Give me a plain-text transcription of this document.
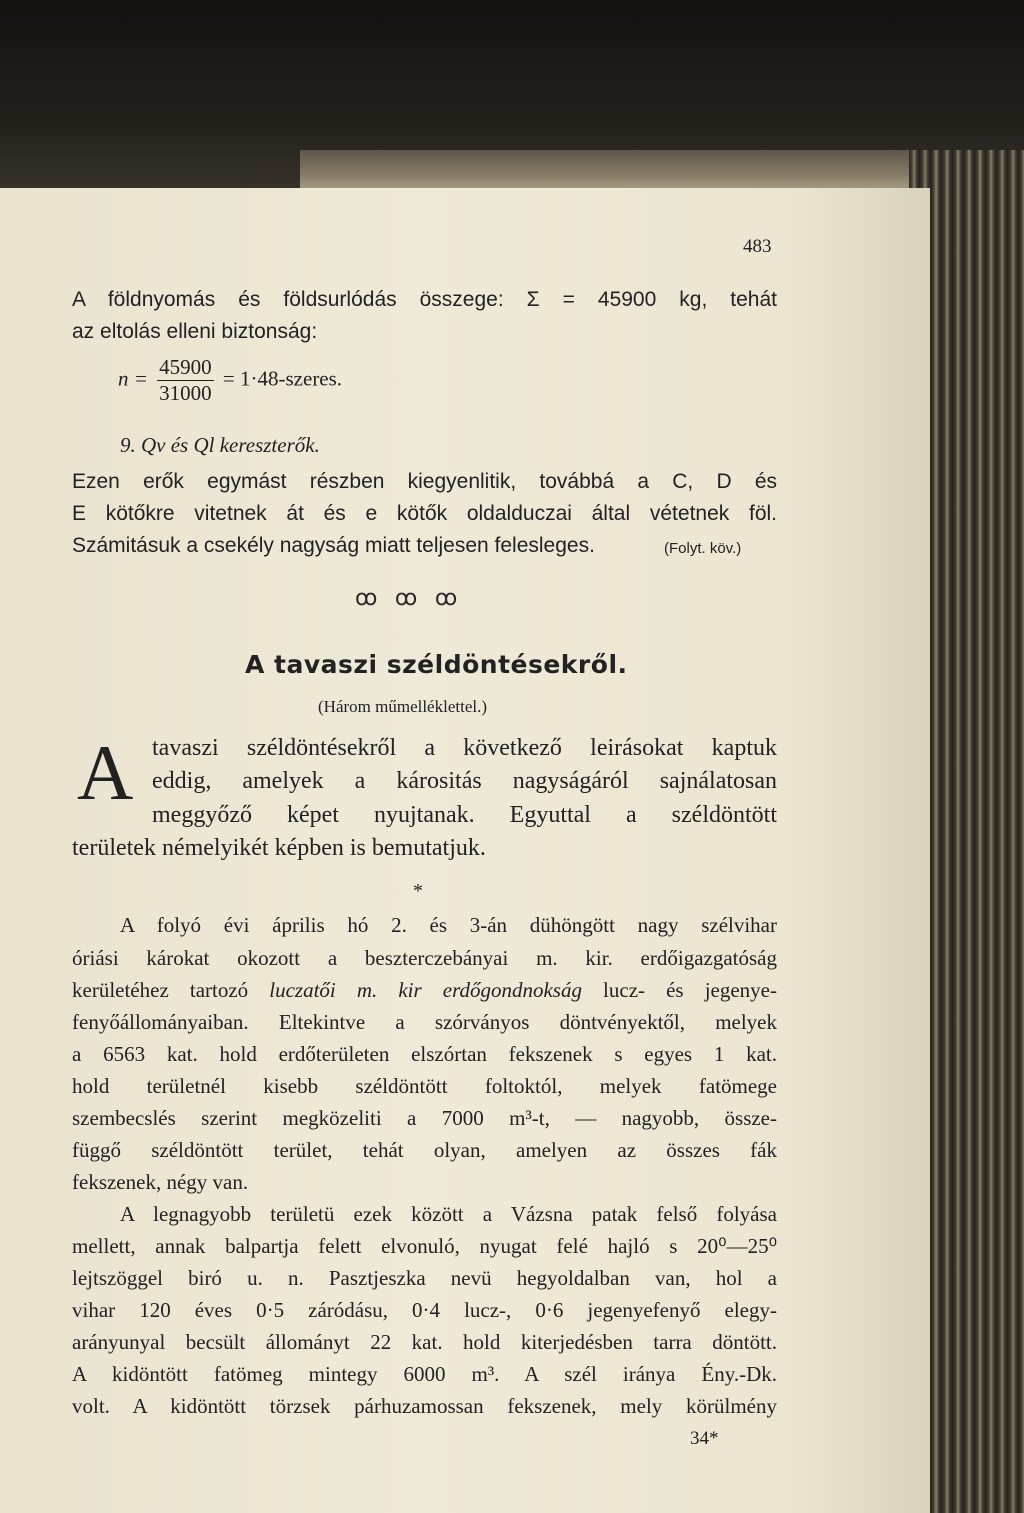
483
A földnyomás és földsurlódás összege: Σ = 45900 kg, tehát
az eltolás elleni biztonság:
$n = \frac{45900}{31000}$ = 1·48-szeres.
9. Qv és Ql kereszterők.
Ezen erők egymást részben kiegyenlitik, továbbá a C, D és
E kötőkre vitetnek át és e kötők oldalduczai által vétetnek föl.
Számitásuk a csekély nagyság miatt teljesen felesleges.	(Folyt. köv.)
ꝏ ꝏ ꝏ
A tavaszi széldöntésekről.
(Három műmelléklettel.)
A tavaszi széldöntésekről a következő leirásokat kaptuk
eddig, amelyek a kárositás nagyságáról sajnálatosan
meggyőző képet nyujtanak. Egyuttal a széldöntött
területek némelyikét képben is bemutatjuk.
*
A folyó évi április hó 2. és 3-án dühöngött nagy szélvihar
óriási károkat okozott a beszterczebányai m. kir. erdőigazgatóság
kerületéhez tartozó luczatői m. kir erdőgondnokság lucz- és jegenye-
fenyőállományaiban. Eltekintve a szórványos döntvényektől, melyek
a 6563 kat. hold erdőterületen elszórtan fekszenek s egyes 1 kat.
hold területnél kisebb széldöntött foltoktól, melyek fatömege
szembecslés szerint megközeliti a 7000 m³-t, — nagyobb, össze-
függő széldöntött terület, tehát olyan, amelyen az összes fák
fekszenek, négy van.
A legnagyobb területü ezek között a Vázsna patak felső folyása
mellett, annak balpartja felett elvonuló, nyugat felé hajló s 20⁰—25⁰
lejtszöggel biró u. n. Pasztjeszka nevü hegyoldalban van, hol a
vihar 120 éves 0·5 záródásu, 0·4 lucz-, 0·6 jegenyefenyő elegy-
arányunyal becsült állományt 22 kat. hold kiterjedésben tarra döntött.
A kidöntött fatömeg mintegy 6000 m³. A szél iránya Ény.-Dk.
volt. A kidöntött törzsek párhuzamossan fekszenek, mely körülmény
34*
